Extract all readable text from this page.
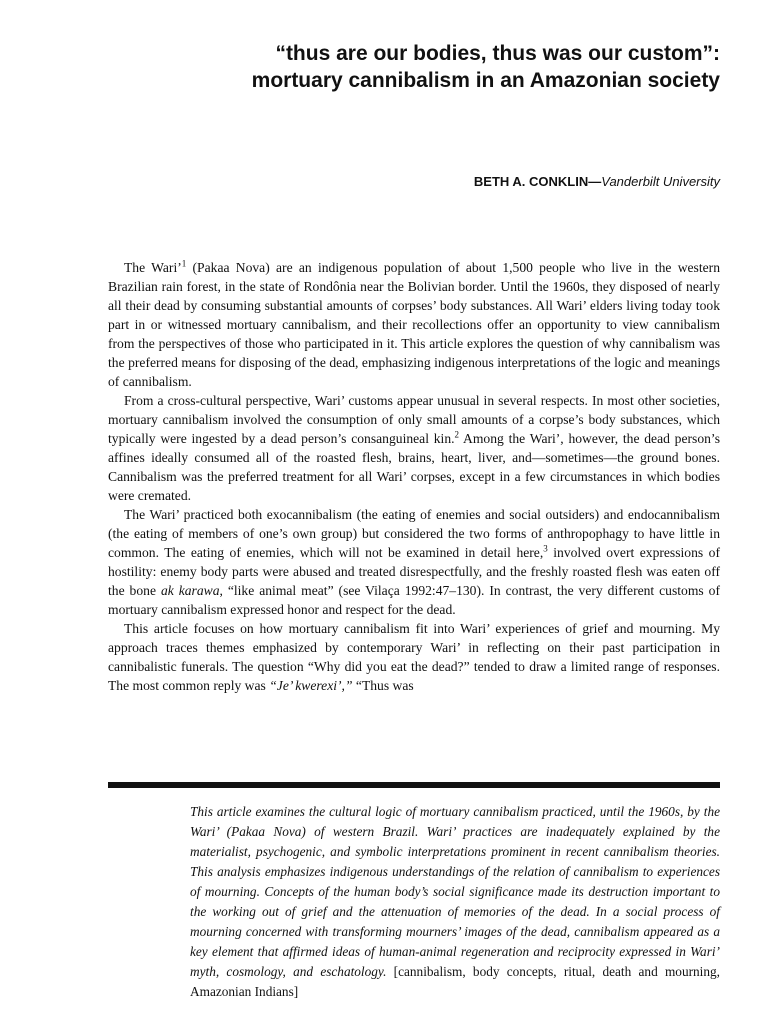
“thus are our bodies, thus was our custom”:
mortuary cannibalism in an Amazonian society
BETH A. CONKLIN—Vanderbilt University

The Wari’$^1$ (Pakaa Nova) are an indigenous population of about 1,500 people who live in the western Brazilian rain forest, in the state of Rondônia near the Bolivian border. Until the 1960s, they disposed of nearly all their dead by consuming substantial amounts of corpses’ body substances. All Wari’ elders living today took part in or witnessed mortuary cannibalism, and their recollections offer an opportunity to view cannibalism from the perspectives of those who participated in it. This article explores the question of why cannibalism was the preferred means for disposing of the dead, emphasizing indigenous interpretations of the logic and meanings of cannibalism.

From a cross-cultural perspective, Wari’ customs appear unusual in several respects. In most other societies, mortuary cannibalism involved the consumption of only small amounts of a corpse’s body substances, which typically were ingested by a dead person’s consanguineal kin.$^2$ Among the Wari’, however, the dead person’s affines ideally consumed all of the roasted flesh, brains, heart, liver, and—sometimes—the ground bones. Cannibalism was the preferred treatment for all Wari’ corpses, except in a few circumstances in which bodies were cremated.

The Wari’ practiced both exocannibalism (the eating of enemies and social outsiders) and endocannibalism (the eating of members of one’s own group) but considered the two forms of anthropophagy to have little in common. The eating of enemies, which will not be examined in detail here,$^3$ involved overt expressions of hostility: enemy body parts were abused and treated disrespectfully, and the freshly roasted flesh was eaten off the bone ak karawa, “like animal meat” (see Vilaça 1992:47–130). In contrast, the very different customs of mortuary cannibalism expressed honor and respect for the dead.

This article focuses on how mortuary cannibalism fit into Wari’ experiences of grief and mourning. My approach traces themes emphasized by contemporary Wari’ in reflecting on their past participation in cannibalistic funerals. The question “Why did you eat the dead?” tended to draw a limited range of responses. The most common reply was “Je’ kwerexi’,” “Thus was

This article examines the cultural logic of mortuary cannibalism practiced, until the 1960s, by the Wari’ (Pakaa Nova) of western Brazil. Wari’ practices are inadequately explained by the materialist, psychogenic, and symbolic interpretations prominent in recent cannibalism theories. This analysis emphasizes indigenous understandings of the relation of cannibalism to experiences of mourning. Concepts of the human body’s social significance made its destruction important to the working out of grief and the attenuation of memories of the dead. In a social process of mourning concerned with transforming mourners’ images of the dead, cannibalism appeared as a key element that affirmed ideas of human-animal regeneration and reciprocity expressed in Wari’ myth, cosmology, and eschatology. [cannibalism, body concepts, ritual, death and mourning, Amazonian Indians]
